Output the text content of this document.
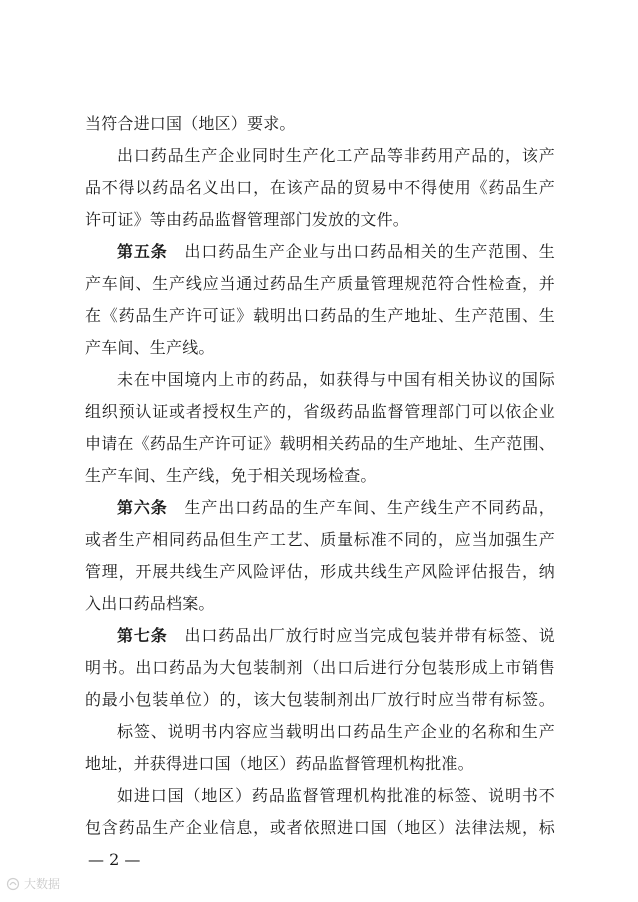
当符合进口国（地区）要求。
出口药品生产企业同时生产化工产品等非药用产品的，该产
品不得以药品名义出口，在该产品的贸易中不得使用《药品生产
许可证》等由药品监督管理部门发放的文件。
第五条　 出口药品生产企业与出口药品相关的生产范围、生
产车间、生产线应当通过药品生产质量管理规范符合性检查，并
在《药品生产许可证》载明出口药品的生产地址、生产范围、生
产车间、生产线。
未在中国境内上市的药品，如获得与中国有相关协议的国际
组织预认证或者授权生产的，省级药品监督管理部门可以依企业
申请在《药品生产许可证》载明相关药品的生产地址、生产范围、
生产车间、生产线，免于相关现场检查。
第六条　 生产出口药品的生产车间、生产线生产不同药品，
或者生产相同药品但生产工艺、质量标准不同的，应当加强生产
管理，开展共线生产风险评估，形成共线生产风险评估报告，纳
入出口药品档案。
第七条　 出口药品出厂放行时应当完成包装并带有标签、说
明书。出口药品为大包装制剂（出口后进行分包装形成上市销售
的最小包装单位）的，该大包装制剂出厂放行时应当带有标签。
标签、说明书内容应当载明出口药品生产企业的名称和生产
地址，并获得进口国（地区）药品监督管理机构批准。
如进口国（地区）药品监督管理机构批准的标签、说明书不
包含药品生产企业信息，或者依照进口国（地区）法律法规，标
— 2 —
大数据
